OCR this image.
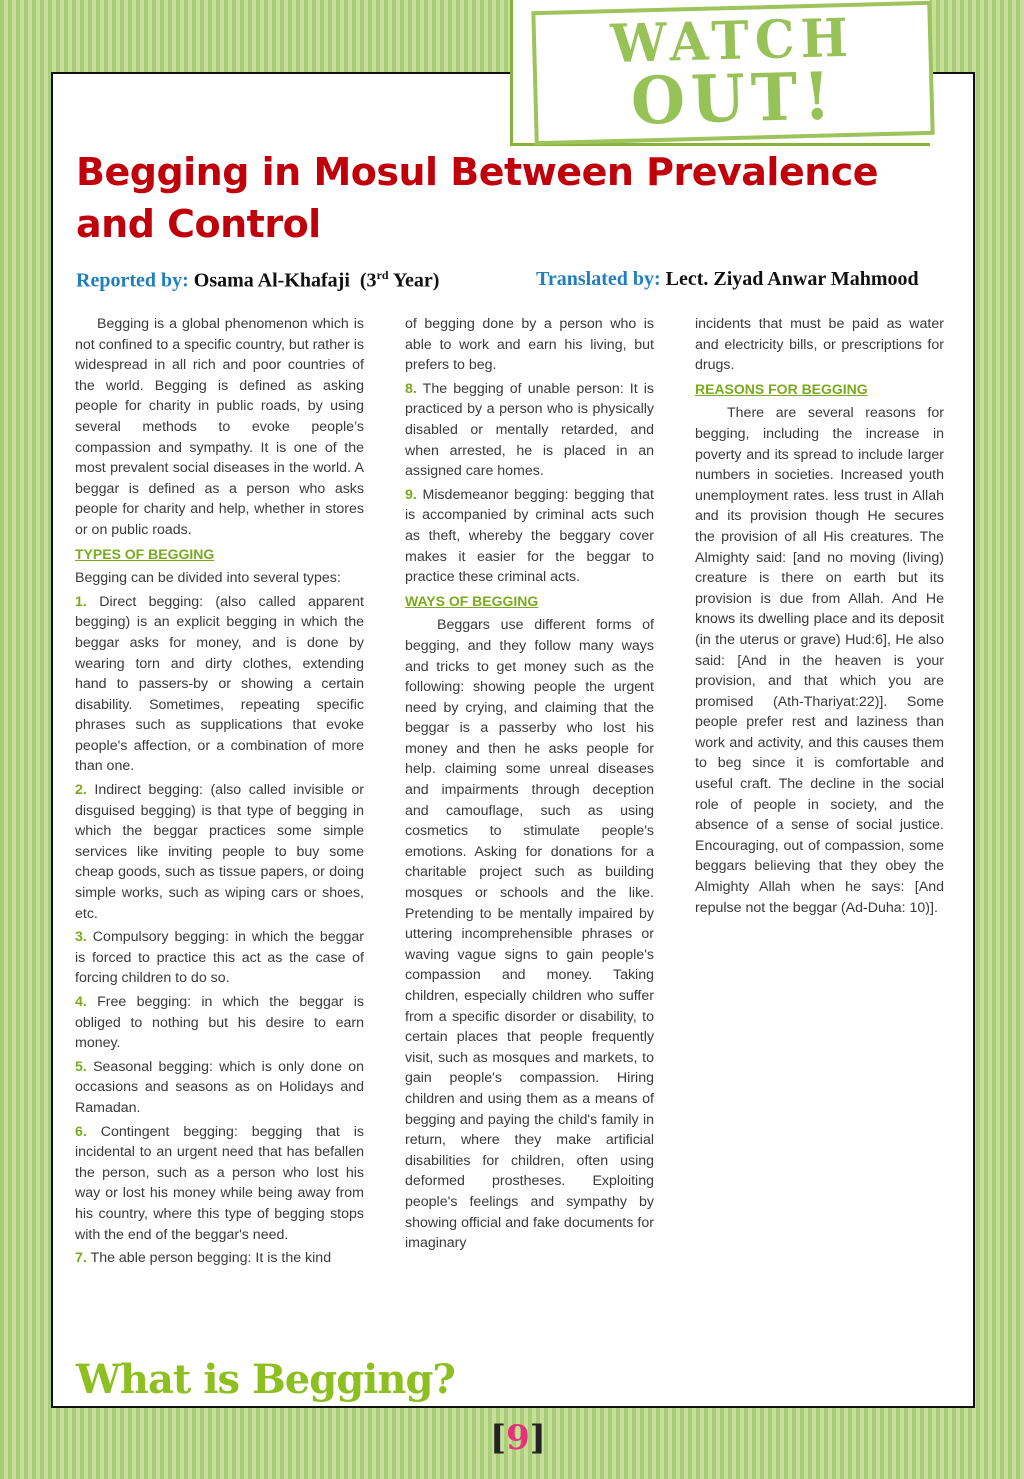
WATCH
OUT!
Begging in Mosul Between Prevalence and Control
Reported by: Osama Al-Khafaji (3rd Year)	Translated by: Lect. Ziyad Anwar Mahmood

Begging is a global phenomenon which is not confined to a specific country, but rather is widespread in all rich and poor countries of the world. Begging is defined as asking people for charity in public roads, by using several methods to evoke people’s compassion and sympathy. It is one of the most prevalent social diseases in the world. A beggar is defined as a person who asks people for charity and help, whether in stores or on public roads.

TYPES OF BEGGING

Begging can be divided into several types:

1. Direct begging: (also called apparent begging) is an explicit begging in which the beggar asks for money, and is done by wearing torn and dirty clothes, extending hand to passers-by or showing a certain disability. Sometimes, repeating specific phrases such as supplications that evoke people's affection, or a combination of more than one.

2. Indirect begging: (also called invisible or disguised begging) is that type of begging in which the beggar practices some simple services like inviting people to buy some cheap goods, such as tissue papers, or doing simple works, such as wiping cars or shoes, etc.

3. Compulsory begging: in which the beggar is forced to practice this act as the case of forcing children to do so.

4. Free begging: in which the beggar is obliged to nothing but his desire to earn money.

5. Seasonal begging: which is only done on occasions and seasons as on Holidays and Ramadan.

6. Contingent begging: begging that is incidental to an urgent need that has befallen the person, such as a person who lost his way or lost his money while being away from his country, where this type of begging stops with the end of the beggar's need.

7. The able person begging: It is the kind

of begging done by a person who is able to work and earn his living, but prefers to beg.

8. The begging of unable person: It is practiced by a person who is physically disabled or mentally retarded, and when arrested, he is placed in an assigned care homes.

9. Misdemeanor begging: begging that is accompanied by criminal acts such as theft, whereby the beggary cover makes it easier for the beggar to practice these criminal acts.

WAYS OF BEGGING

Beggars use different forms of begging, and they follow many ways and tricks to get money such as the following: showing people the urgent need by crying, and claiming that the beggar is a passerby who lost his money and then he asks people for help. claiming some unreal diseases and impairments through deception and camouflage, such as using cosmetics to stimulate people's emotions. Asking for donations for a charitable project such as building mosques or schools and the like. Pretending to be mentally impaired by uttering incomprehensible phrases or waving vague signs to gain people's compassion and money. Taking children, especially children who suffer from a specific disorder or disability, to certain places that people frequently visit, such as mosques and markets, to gain people's compassion. Hiring children and using them as a means of begging and paying the child's family in return, where they make artificial disabilities for children, often using deformed prostheses. Exploiting people's feelings and sympathy by showing official and fake documents for imaginary

incidents that must be paid as water and electricity bills, or prescriptions for drugs.

REASONS FOR BEGGING

There are several reasons for begging, including the increase in poverty and its spread to include larger numbers in societies. Increased youth unemployment rates. less trust in Allah and its provision though He secures the provision of all His creatures. The Almighty said: [and no moving (living) creature is there on earth but its provision is due from Allah. And He knows its dwelling place and its deposit (in the uterus or grave) Hud:6], He also said: [And in the heaven is your provision, and that which you are promised (Ath-Thariyat:22)]. Some people prefer rest and laziness than work and activity, and this causes them to beg since it is comfortable and useful craft. The decline in the social role of people in society, and the absence of a sense of social justice. Encouraging, out of compassion, some beggars believing that they obey the Almighty Allah when he says: [And repulse not the beggar (Ad-Duha: 10)].

What is Begging?
[9]
